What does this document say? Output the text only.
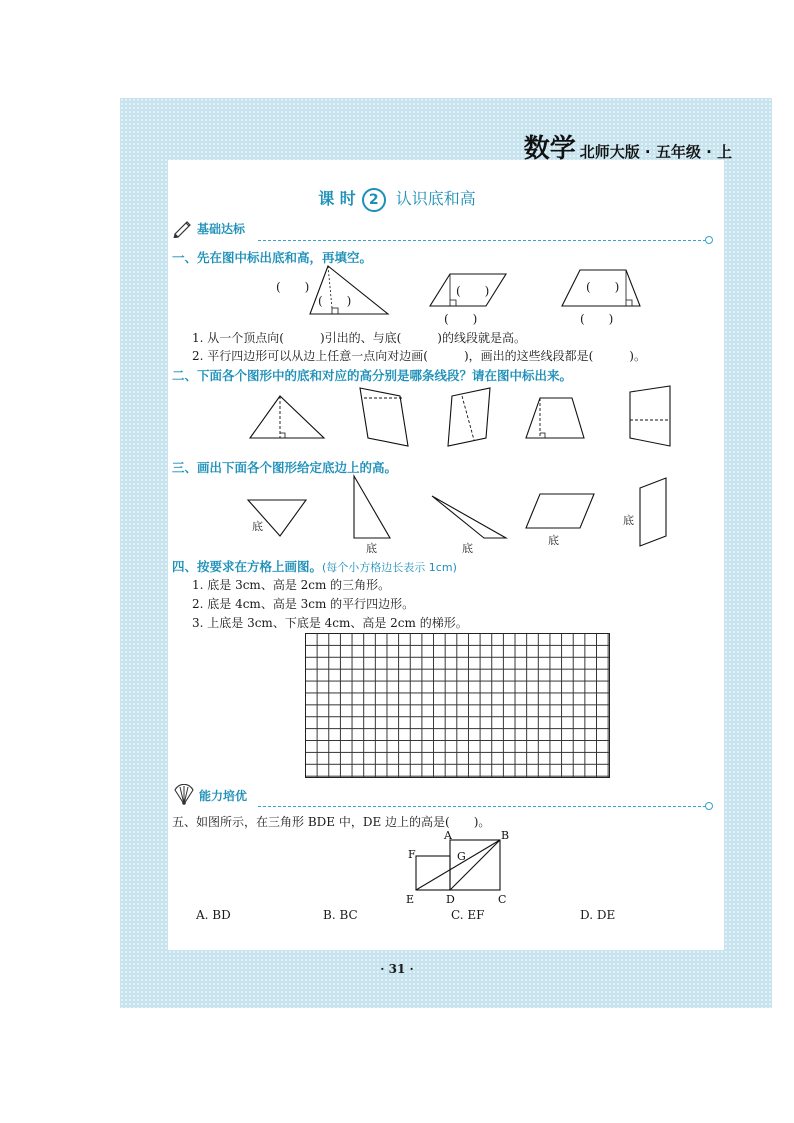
数学 北师大版 · 五年级 · 上
课 时 2 认识底和高
基础达标
一、先在图中标出底和高，再填空。
(　　)
(　　)
(　　)
(　　)
(　　)
(　　)
1. 从一个顶点向(　　　)引出的、与底(　　　)的线段就是高。
2. 平行四边形可以从边上任意一点向对边画(　　　)，画出的这些线段都是(　　　)。
二、下面各个图形中的底和对应的高分别是哪条线段？请在图中标出来。
三、画出下面各个图形给定底边上的高。
底
底	底
底
底
四、按要求在方格上画图。(每个小方格边长表示 1cm)
1. 底是 3cm、高是 2cm 的三角形。
2. 底是 4cm、高是 3cm 的平行四边形。
3. 上底是 3cm、下底是 4cm、高是 2cm 的梯形。
能力培优
五、如图所示，在三角形 BDE 中，DE 边上的高是(　　)。
A	B
C
D
E
F	G
A. BD	B. BC	C. EF	D. DE
· 31 ·
